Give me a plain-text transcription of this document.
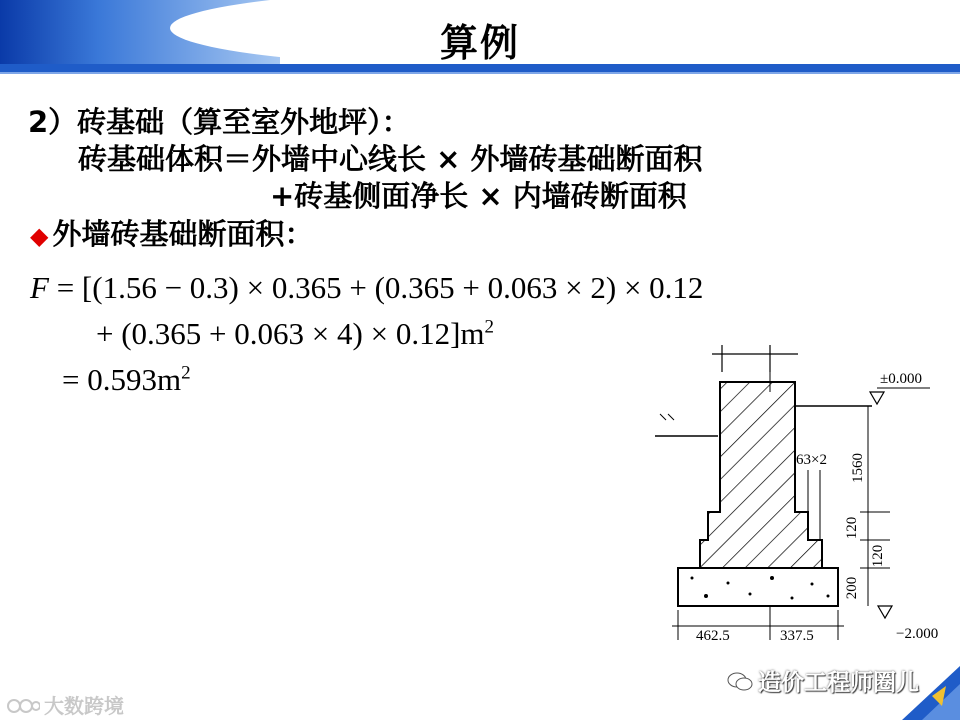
算例
2）砖基础（算至室外地坪）：
砖基础体积＝外墙中心线长 × 外墙砖基础断面积
+砖基侧面净长 × 内墙砖断面积
◆ 外墙砖基础断面积：
F = [(1.56 − 0.3) × 0.365 + (0.365 + 0.063 × 2) × 0.12
+ $(0.365 + 0.063 \times 4) \times 0.12]m^2$
= $0.593m^2$
63×2 1560
120
120
200
±0.000
−2.000
462.5	337.5
大数跨境
造价工程师圈儿
